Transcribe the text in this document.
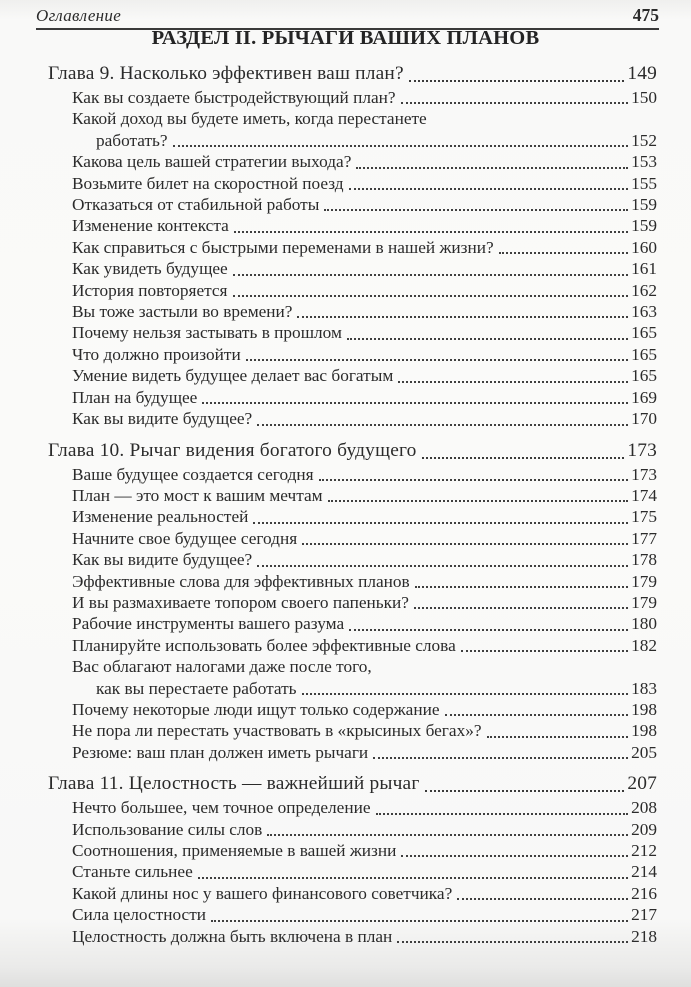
Оглавление	475
РАЗДЕЛ II. РЫЧАГИ ВАШИХ ПЛАНОВ
Глава 9. Насколько эффективен ваш план?	149
Как вы создаете быстродействующий план?	150
Какой доход вы будете иметь, когда перестанете
работать?	152
Какова цель вашей стратегии выхода?	153
Возьмите билет на скоростной поезд	155
Отказаться от стабильной работы	159
Изменение контекста	159
Как справиться с быстрыми переменами в нашей жизни?	160
Как увидеть будущее	161
История повторяется	162
Вы тоже застыли во времени?	163
Почему нельзя застывать в прошлом	165
Что должно произойти	165
Умение видеть будущее делает вас богатым	165
План на будущее	169
Как вы видите будущее?	170
Глава 10. Рычаг видения богатого будущего	173
Ваше будущее создается сегодня	173
План — это мост к вашим мечтам	174
Изменение реальностей	175
Начните свое будущее сегодня	177
Как вы видите будущее?	178
Эффективные слова для эффективных планов	179
И вы размахиваете топором своего папеньки?	179
Рабочие инструменты вашего разума	180
Планируйте использовать более эффективные слова	182
Вас облагают налогами даже после того,
как вы перестаете работать	183
Почему некоторые люди ищут только содержание	198
Не пора ли перестать участвовать в «крысиных бегах»?	198
Резюме: ваш план должен иметь рычаги	205
Глава 11. Целостность — важнейший рычаг	207
Нечто большее, чем точное определение	208
Использование силы слов	209
Соотношения, применяемые в вашей жизни	212
Станьте сильнее	214
Какой длины нос у вашего финансового советчика?	216
Сила целостности	217
Целостность должна быть включена в план	218
